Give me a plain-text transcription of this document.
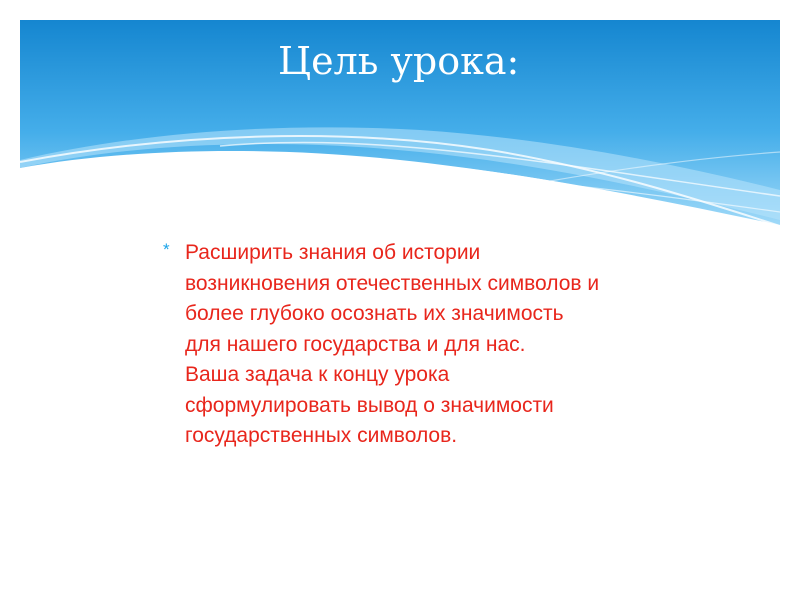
Цель урока:
* Расширить знания об истории
возникновения отечественных символов и
более глубоко осознать их значимость
для нашего государства и для нас.
Ваша задача к концу урока
сформулировать вывод о значимости
государственных символов.
